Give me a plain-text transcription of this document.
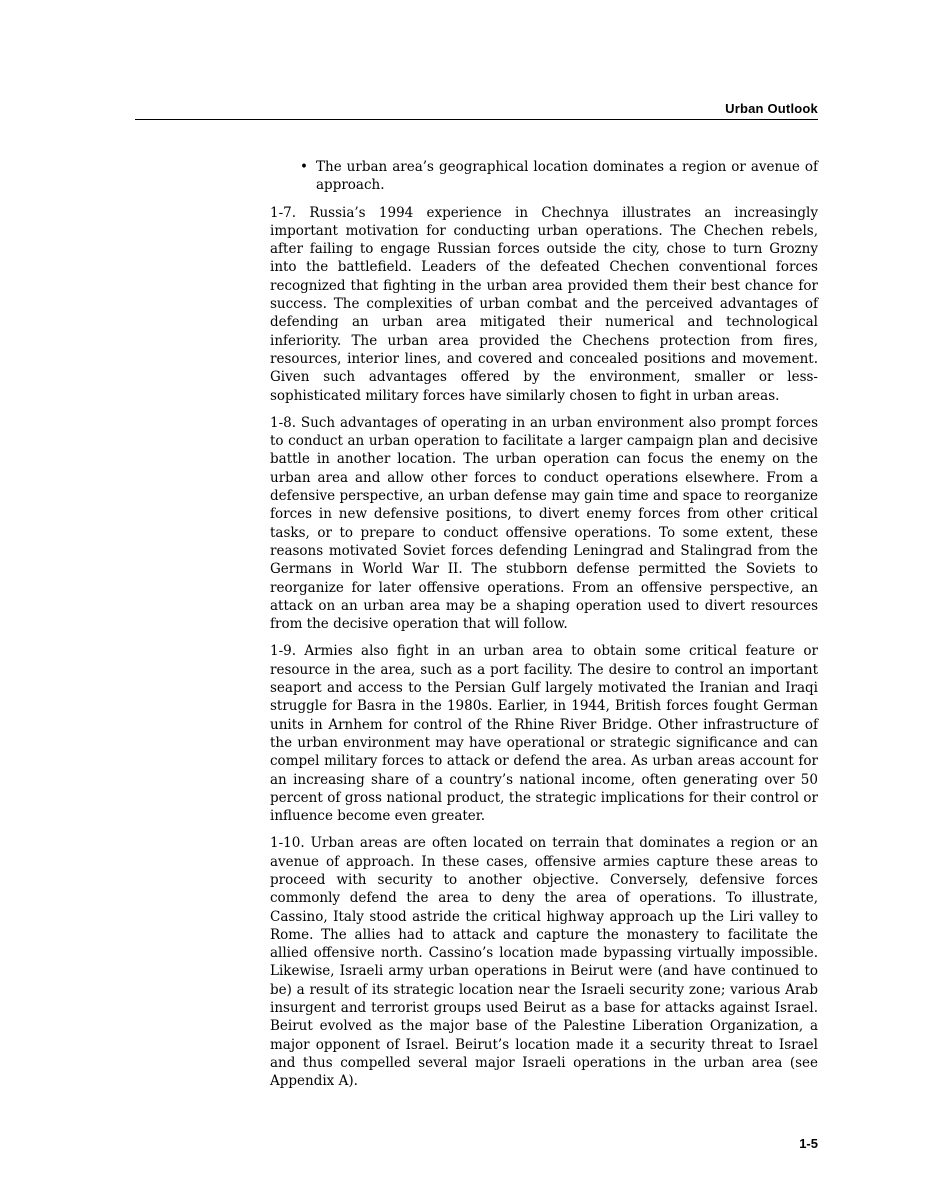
Urban Outlook
• The urban area’s geographical location dominates a region or avenue of approach.

1-7. Russia’s 1994 experience in Chechnya illustrates an increasingly important motivation for conducting urban operations. The Chechen rebels, after failing to engage Russian forces outside the city, chose to turn Grozny into the battlefield. Leaders of the defeated Chechen conventional forces recognized that fighting in the urban area provided them their best chance for success. The complexities of urban combat and the perceived advantages of defending an urban area mitigated their numerical and technological inferiority. The urban area provided the Chechens protection from fires, resources, interior lines, and covered and concealed positions and movement. Given such advantages offered by the environment, smaller or less-sophisticated military forces have similarly chosen to fight in urban areas.

1-8. Such advantages of operating in an urban environment also prompt forces to conduct an urban operation to facilitate a larger campaign plan and decisive battle in another location. The urban operation can focus the enemy on the urban area and allow other forces to conduct operations elsewhere. From a defensive perspective, an urban defense may gain time and space to reorganize forces in new defensive positions, to divert enemy forces from other critical tasks, or to prepare to conduct offensive operations. To some extent, these reasons motivated Soviet forces defending Leningrad and Stalingrad from the Germans in World War II. The stubborn defense permitted the Soviets to reorganize for later offensive operations. From an offensive perspective, an attack on an urban area may be a shaping operation used to divert resources from the decisive operation that will follow.

1-9. Armies also fight in an urban area to obtain some critical feature or resource in the area, such as a port facility. The desire to control an important seaport and access to the Persian Gulf largely motivated the Iranian and Iraqi struggle for Basra in the 1980s. Earlier, in 1944, British forces fought German units in Arnhem for control of the Rhine River Bridge. Other infrastructure of the urban environment may have operational or strategic significance and can compel military forces to attack or defend the area. As urban areas account for an increasing share of a country’s national income, often generating over 50 percent of gross national product, the strategic implications for their control or influence become even greater.

1-10. Urban areas are often located on terrain that dominates a region or an avenue of approach. In these cases, offensive armies capture these areas to proceed with security to another objective. Conversely, defensive forces commonly defend the area to deny the area of operations. To illustrate, Cassino, Italy stood astride the critical highway approach up the Liri valley to Rome. The allies had to attack and capture the monastery to facilitate the allied offensive north. Cassino’s location made bypassing virtually impossible. Likewise, Israeli army urban operations in Beirut were (and have continued to be) a result of its strategic location near the Israeli security zone; various Arab insurgent and terrorist groups used Beirut as a base for attacks against Israel. Beirut evolved as the major base of the Palestine Liberation Organization, a major opponent of Israel. Beirut’s location made it a security threat to Israel and thus compelled several major Israeli operations in the urban area (see Appendix A).

1-5
